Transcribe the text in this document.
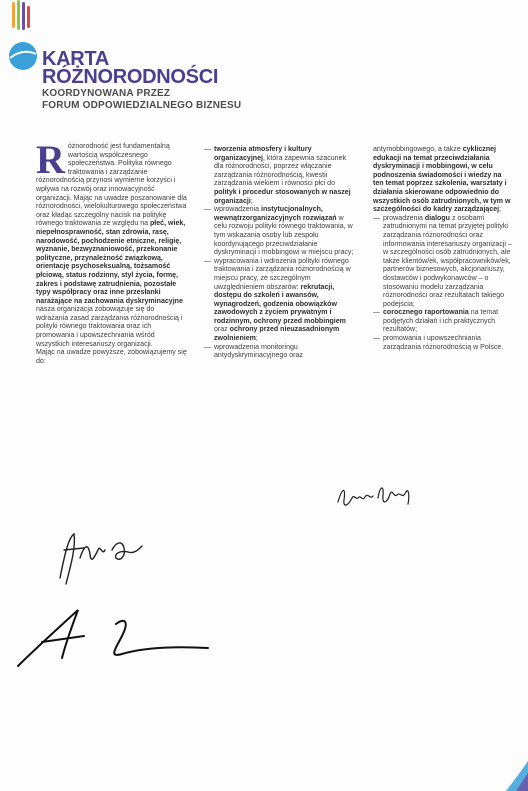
KARTA
RÓŻNORODNOŚCI
KOORDYNOWANA PRZEZ
FORUM ODPOWIEDZIALNEGO BIZNESU

Różnorodność jest fundamentalną wartością współczesnego społeczeństwa. Polityka równego traktowania i zarządzanie różnorodnością przynosi wymierne korzyści i wpływa na rozwój oraz innowacyjność organizacji. Mając na uwadze poszanowanie dla różnorodności, wielokulturowego społeczeństwa oraz kładąc szczególny nacisk na politykę równego traktowania ze względu na płeć, wiek, niepełnosprawność, stan zdrowia, rasę, narodowość, pochodzenie etniczne, religię, wyznanie, bezwyznaniowość, przekonanie polityczne, przynależność związkową, orientację psychoseksualną, tożsamość płciową, status rodzinny, styl życia, formę, zakres i podstawę zatrudnienia, pozostałe typy współpracy oraz inne przesłanki narażające na zachowania dyskryminacyjne nasza organizacja zobowiązuje się do wdrażania zasad zarządzania różnorodnością i polityki równego traktowania oraz ich promowania i upowszechniania wśród wszystkich interesariuszy organizacji.

Mając na uwadze powyższe, zobowiązujemy się do:

— tworzenia atmosfery i kultury organizacyjnej, która zapewnia szacunek dla różnorodności, poprzez włączanie zarządzania różnorodnością, kwestii zarządzania wiekiem i równości płci do polityk i procedur stosowanych w naszej organizacji;

— wprowadzenia instytucjonalnych, wewnątrzorganizacyjnych rozwiązań w celu rozwoju polityki równego traktowania, w tym wskazania osoby lub zespołu koordynującego przeciwdziałanie dyskryminacji i mobbingowi w miejscu pracy;

— wypracowania i wdrożenia polityki równego traktowania i zarządzania różnorodnością w miejscu pracy, ze szczególnym uwzględnieniem obszarów: rekrutacji, dostępu do szkoleń i awansów, wynagrodzeń, godzenia obowiązków zawodowych z życiem prywatnym i rodzinnym, ochrony przed mobbingiem oraz ochrony przed nieuzasadnionym zwolnieniem;

— wprowadzenia monitoringu antydyskryminacyjnego oraz

antymobbingowego, a także cyklicznej edukacji na temat przeciwdziałania dyskryminacji i mobbingowi, w celu podnoszenia świadomości i wiedzy na ten temat poprzez szkolenia, warsztaty i działania skierowane odpowiednio do wszystkich osób zatrudnionych, w tym w szczególności do kadry zarządzającej;

— prowadzenia dialogu z osobami zatrudnionymi na temat przyjętej polityki zarządzania różnorodności oraz informowania interesariuszy organizacji – w szczególności osób zatrudnionych, ale także klientów/ek, współpracowników/ek, partnerów biznesowych, akcjonariuszy, dostawców i podwykonawców – o stosowaniu modelu zarządzania różnorodności oraz rezultatach takiego podejścia;

— corocznego raportowania na temat podjętych działań i ich praktycznych rezultatów;

— promowania i upowszechniania zarządzania różnorodnością w Polsce.
